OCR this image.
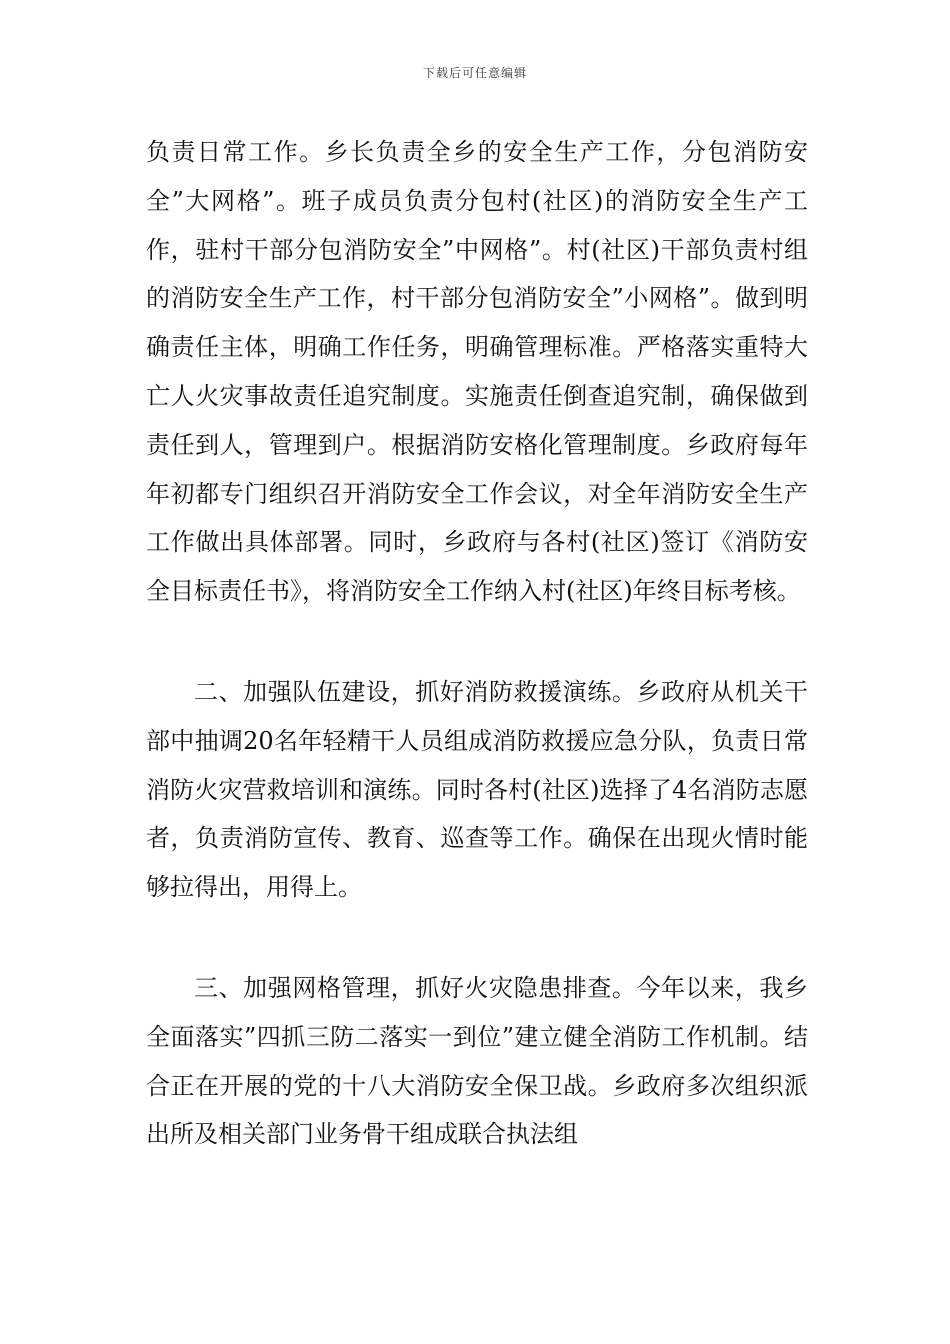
下载后可任意编辑

负责日常工作。乡长负责全乡的安全生产工作，分包消防安全”大网格”。班子成员负责分包村(社区)的消防安全生产工作，驻村干部分包消防安全”中网格”。村(社区)干部负责村组的消防安全生产工作，村干部分包消防安全”小网格”。做到明确责任主体，明确工作任务，明确管理标准。严格落实重特大亡人火灾事故责任追究制度。实施责任倒查追究制，确保做到责任到人，管理到户。根据消防安格化管理制度。乡政府每年年初都专门组织召开消防安全工作会议，对全年消防安全生产工作做出具体部署。同时，乡政府与各村(社区)签订《消防安全目标责任书》，将消防安全工作纳入村(社区)年终目标考核。

二、加强队伍建设，抓好消防救援演练。乡政府从机关干部中抽调20名年轻精干人员组成消防救援应急分队，负责日常消防火灾营救培训和演练。同时各村(社区)选择了4名消防志愿者，负责消防宣传、教育、巡查等工作。确保在出现火情时能够拉得出，用得上。

三、加强网格管理，抓好火灾隐患排查。今年以来，我乡全面落实”四抓三防二落实一到位”建立健全消防工作机制。结合正在开展的党的十八大消防安全保卫战。乡政府多次组织派出所及相关部门业务骨干组成联合执法组
